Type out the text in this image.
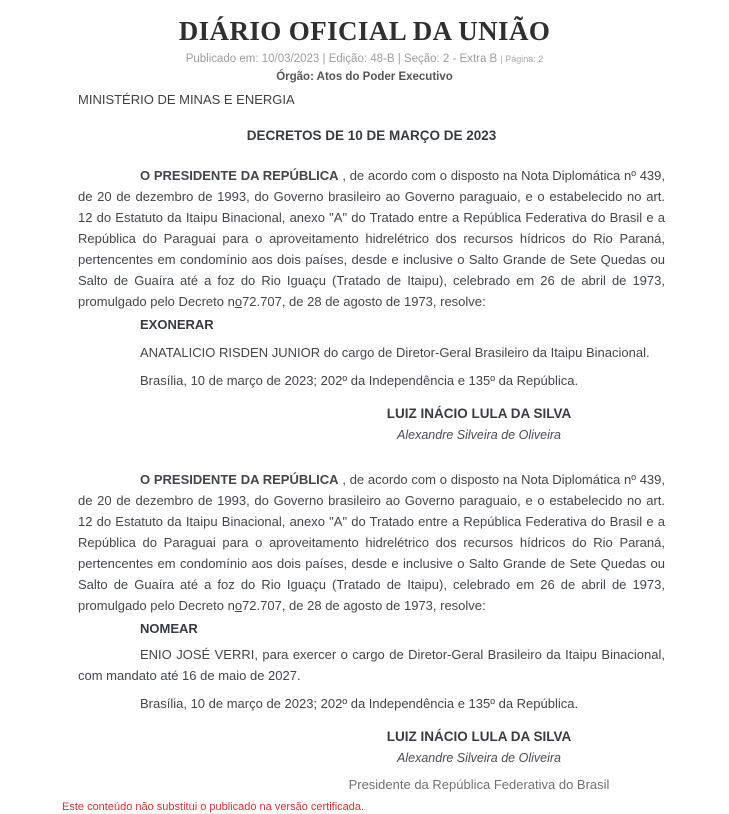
DIÁRIO OFICIAL DA UNIÃO
Publicado em: 10/03/2023 | Edição: 48-B | Seção: 2 - Extra B | Página: 2
Órgão: Atos do Poder Executivo
MINISTÉRIO DE MINAS E ENERGIA
DECRETOS DE 10 DE MARÇO DE 2023

O PRESIDENTE DA REPÚBLICA , de acordo com o disposto na Nota Diplomática nº 439, de 20 de dezembro de 1993, do Governo brasileiro ao Governo paraguaio, e o estabelecido no art. 12 do Estatuto da Itaipu Binacional, anexo "A" do Tratado entre a República Federativa do Brasil e a República do Paraguai para o aproveitamento hidrelétrico dos recursos hídricos do Rio Paraná, pertencentes em condomínio aos dois países, desde e inclusive o Salto Grande de Sete Quedas ou Salto de Guaíra até a foz do Rio Iguaçu (Tratado de Itaipu), celebrado em 26 de abril de 1973, promulgado pelo Decreto no72.707, de 28 de agosto de 1973, resolve:

EXONERAR

ANATALICIO RISDEN JUNIOR do cargo de Diretor-Geral Brasileiro da Itaipu Binacional.

Brasília, 10 de março de 2023; 202º da Independência e 135º da República.

LUIZ INÁCIO LULA DA SILVA
Alexandre Silveira de Oliveira

O PRESIDENTE DA REPÚBLICA , de acordo com o disposto na Nota Diplomática nº 439, de 20 de dezembro de 1993, do Governo brasileiro ao Governo paraguaio, e o estabelecido no art. 12 do Estatuto da Itaipu Binacional, anexo "A" do Tratado entre a República Federativa do Brasil e a República do Paraguai para o aproveitamento hidrelétrico dos recursos hídricos do Rio Paraná, pertencentes em condomínio aos dois países, desde e inclusive o Salto Grande de Sete Quedas ou Salto de Guaíra até a foz do Rio Iguaçu (Tratado de Itaipu), celebrado em 26 de abril de 1973, promulgado pelo Decreto no72.707, de 28 de agosto de 1973, resolve:

NOMEAR

ENIO JOSÉ VERRI, para exercer o cargo de Diretor-Geral Brasileiro da Itaipu Binacional, com mandato até 16 de maio de 2027.

Brasília, 10 de março de 2023; 202º da Independência e 135º da República.

LUIZ INÁCIO LULA DA SILVA
Alexandre Silveira de Oliveira
Presidente da República Federativa do Brasil
Este conteúdo não substitui o publicado na versão certificada.
